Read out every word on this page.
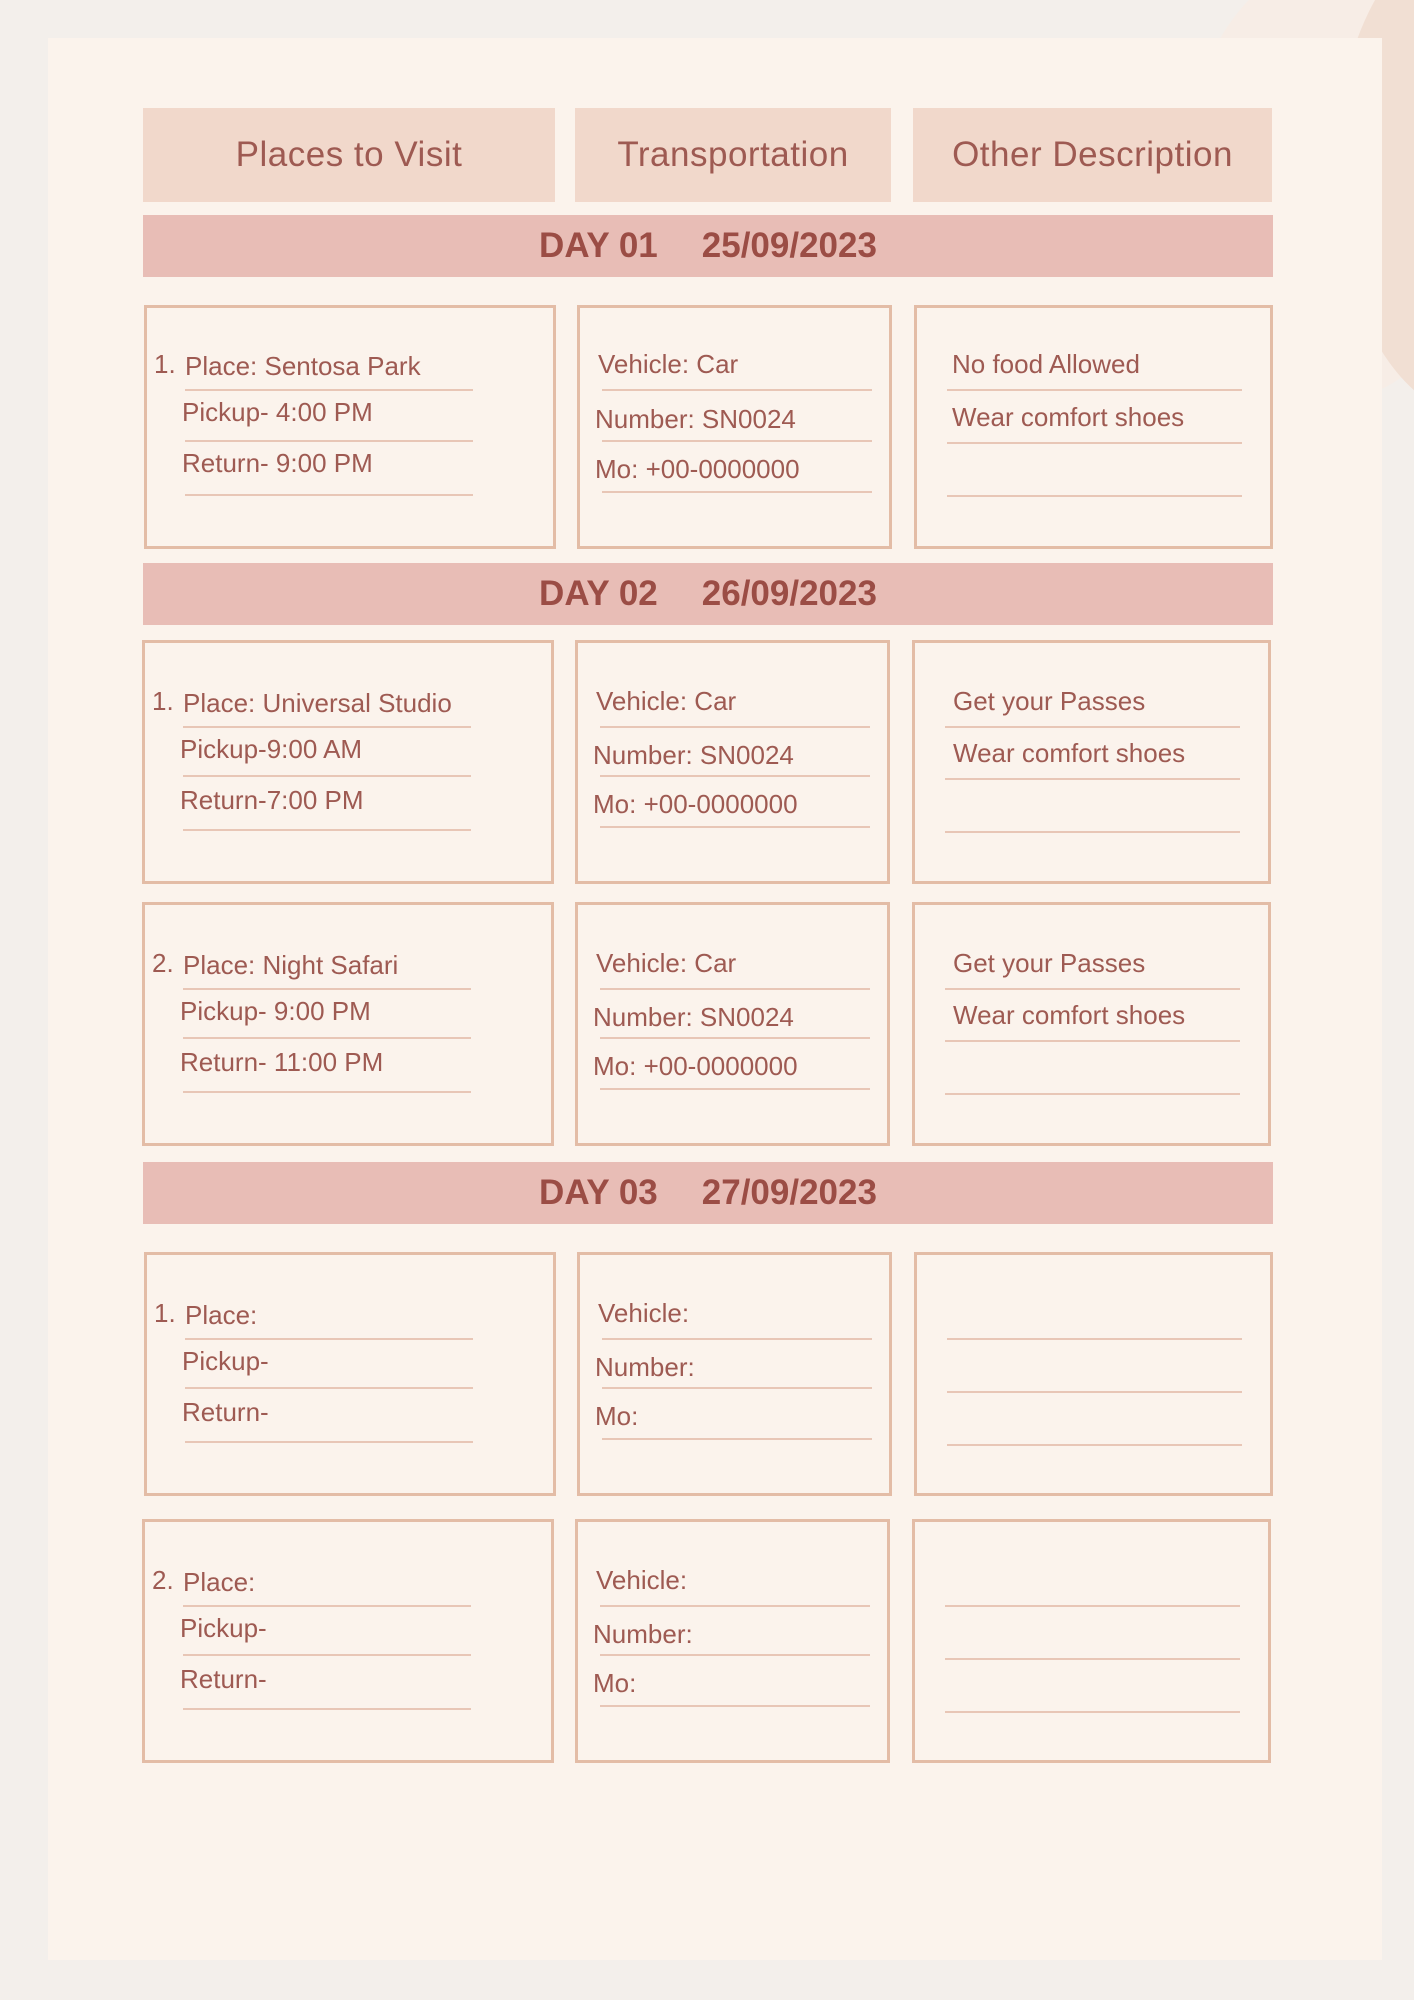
Places to Visit	Transportation	Other Description
DAY 01 25/09/2023
1. Place: Sentosa Park
Pickup- 4:00 PM
Return- 9:00 PM
Vehicle: Car
Number: SN0024
Mo: +00-0000000
No food Allowed
Wear comfort shoes
DAY 02 26/09/2023
1. Place: Universal Studio
Pickup-9:00 AM
Return-7:00 PM
Vehicle: Car
Number: SN0024
Mo: +00-0000000
Get your Passes
Wear comfort shoes
2. Place: Night Safari
Pickup- 9:00 PM
Return- 11:00 PM
Vehicle: Car
Number: SN0024
Mo: +00-0000000
Get your Passes
Wear comfort shoes
DAY 03 27/09/2023
1. Place:
Pickup-
Return-
Vehicle:
Number:
Mo:
2. Place:
Pickup-
Return-
Vehicle:
Number:
Mo:
